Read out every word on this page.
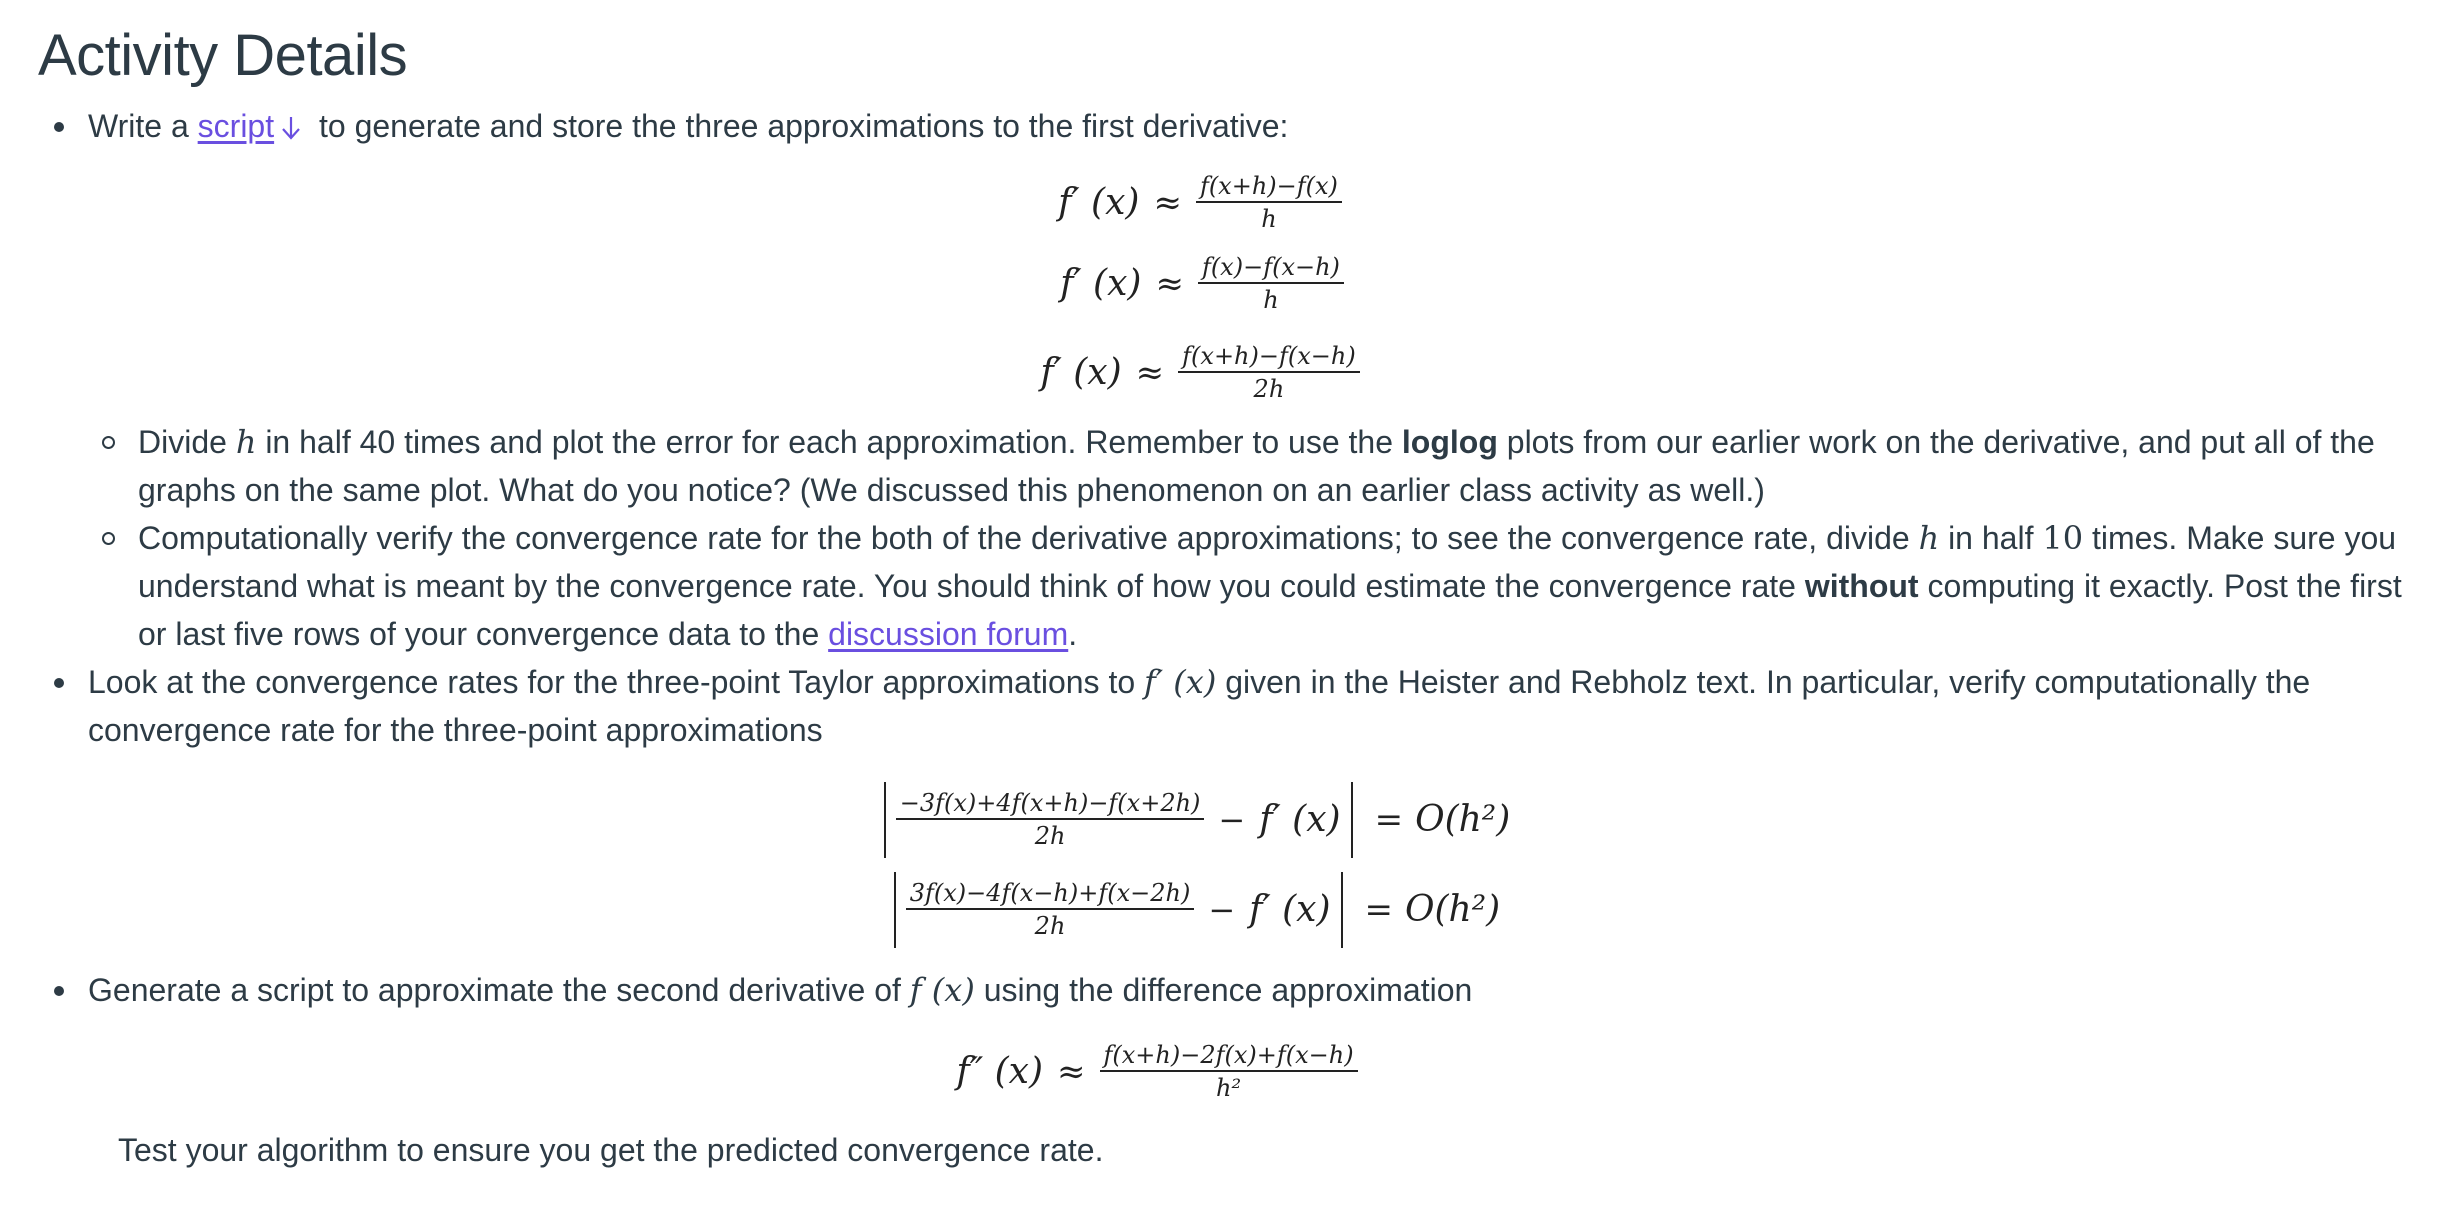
Activity Details
Write a script to generate and store the three approximations to the first derivative:
f′ $(x) \approx \frac{f(x+h)-f(x)}{h}$
f′ $(x) \approx \frac{f(x)-f(x-h)}{h}$
f′ $(x) \approx \frac{f(x+h)-f(x-h)}{2h}$
Divide h in half 40 times and plot the error for each approximation. Remember to use the loglog plots from our earlier work on the derivative, and put all of the graphs on the same plot. What do you notice? (We discussed this phenomenon on an earlier class activity as well.)
Computationally verify the convergence rate for the both of the derivative approximations; to see the convergence rate, divide h in half 10 times. Make sure you understand what is meant by the convergence rate. You should think of how you could estimate the convergence rate without computing it exactly. Post the first or last five rows of your convergence data to the discussion forum.
Look at the convergence rates for the three-point Taylor approximations to f′ (x) given in the Heister and Rebholz text. In particular, verify computationally the convergence rate for the three-point approximations
$\frac{-3f(x)+4f(x+h)-f(x+2h)}{2h} - f'$ (x) = O(h²)
$\frac{3f(x)-4f(x-h)+f(x-2h)}{2h} - f'$ (x) = O(h²)
Generate a script to approximate the second derivative of f (x) using the difference approximation
f″ $(x) \approx \frac{f(x+h)-2f(x)+f(x-h)}{\text{h²}}$
Test your algorithm to ensure you get the predicted convergence rate.
